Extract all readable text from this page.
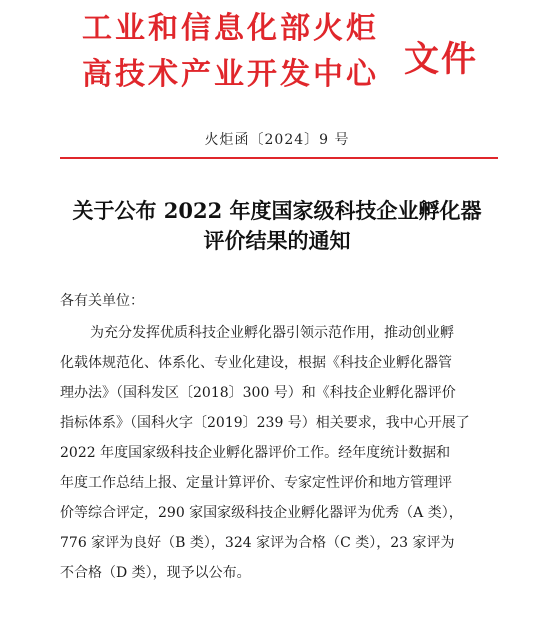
工业和信息化部火炬
高技术产业开发中心 文件
火炬函〔2024〕9 号
关于公布 2022 年度国家级科技企业孵化器
评价结果的通知
各有关单位：
为充分发挥优质科技企业孵化器引领示范作用，推动创业孵
化载体规范化、体系化、专业化建设，根据《科技企业孵化器管
理办法》（国科发区〔2018〕300 号）和《科技企业孵化器评价
指标体系》（国科火字〔2019〕239 号）相关要求，我中心开展了
2022 年度国家级科技企业孵化器评价工作。经年度统计数据和
年度工作总结上报、定量计算评价、专家定性评价和地方管理评
价等综合评定，290 家国家级科技企业孵化器评为优秀（A 类），
776 家评为良好（B 类），324 家评为合格（C 类），23 家评为
不合格（D 类），现予以公布。
